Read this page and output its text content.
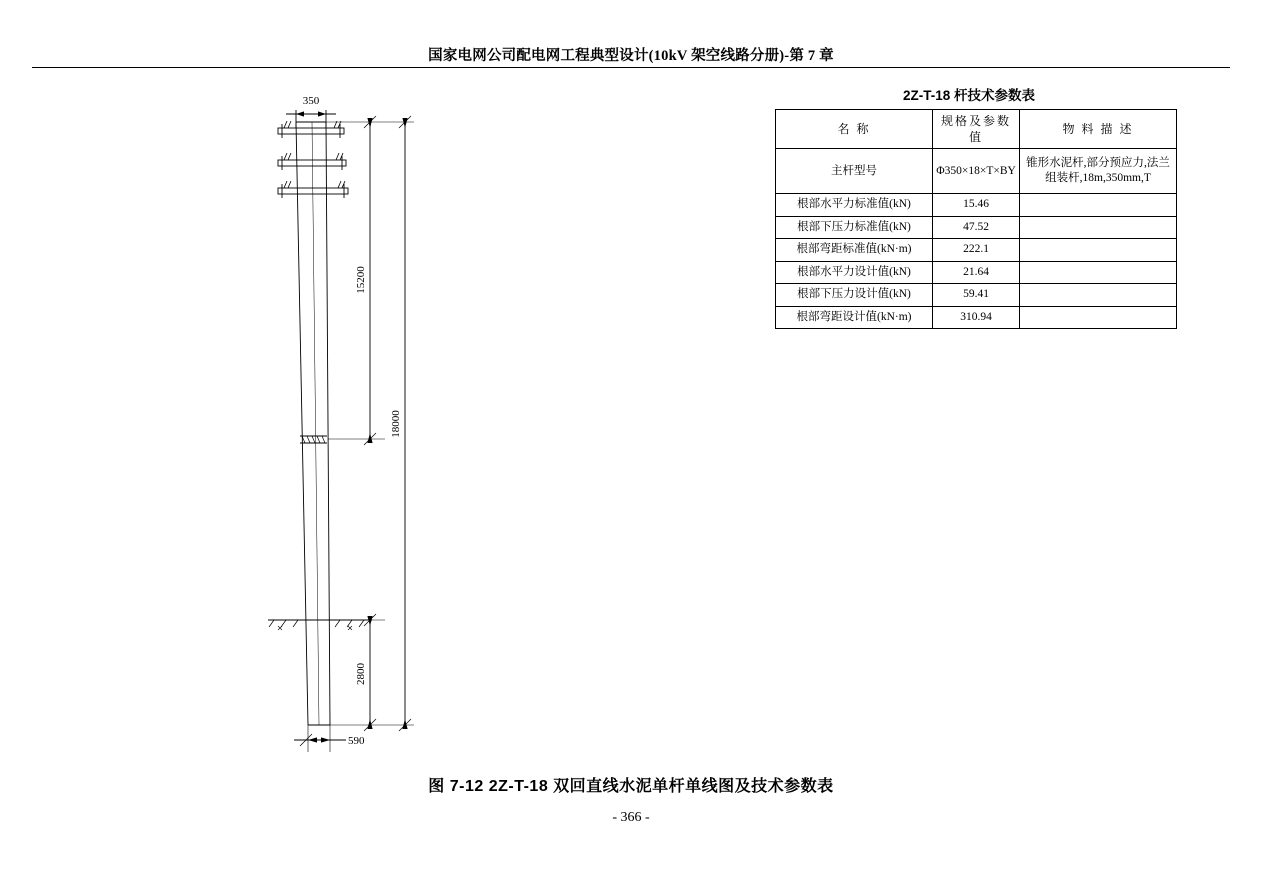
国家电网公司配电网工程典型设计(10kV 架空线路分册)-第 7 章
350
15200
18000
2800
590
2Z-T-18 杆技术参数表
名 称	规格及参数值	物 料 描 述
主杆型号	Φ350×18×T×BY	锥形水泥杆,部分预应力,法兰组装杆,18m,350mm,T
根部水平力标准值(kN)	15.46	
根部下压力标准值(kN)	47.52	
根部弯距标准值(kN·m)	222.1	
根部水平力设计值(kN)	21.64	
根部下压力设计值(kN)	59.41	
根部弯距设计值(kN·m)	310.94	
图 7-12 2Z-T-18 双回直线水泥单杆单线图及技术参数表
- 366 -
